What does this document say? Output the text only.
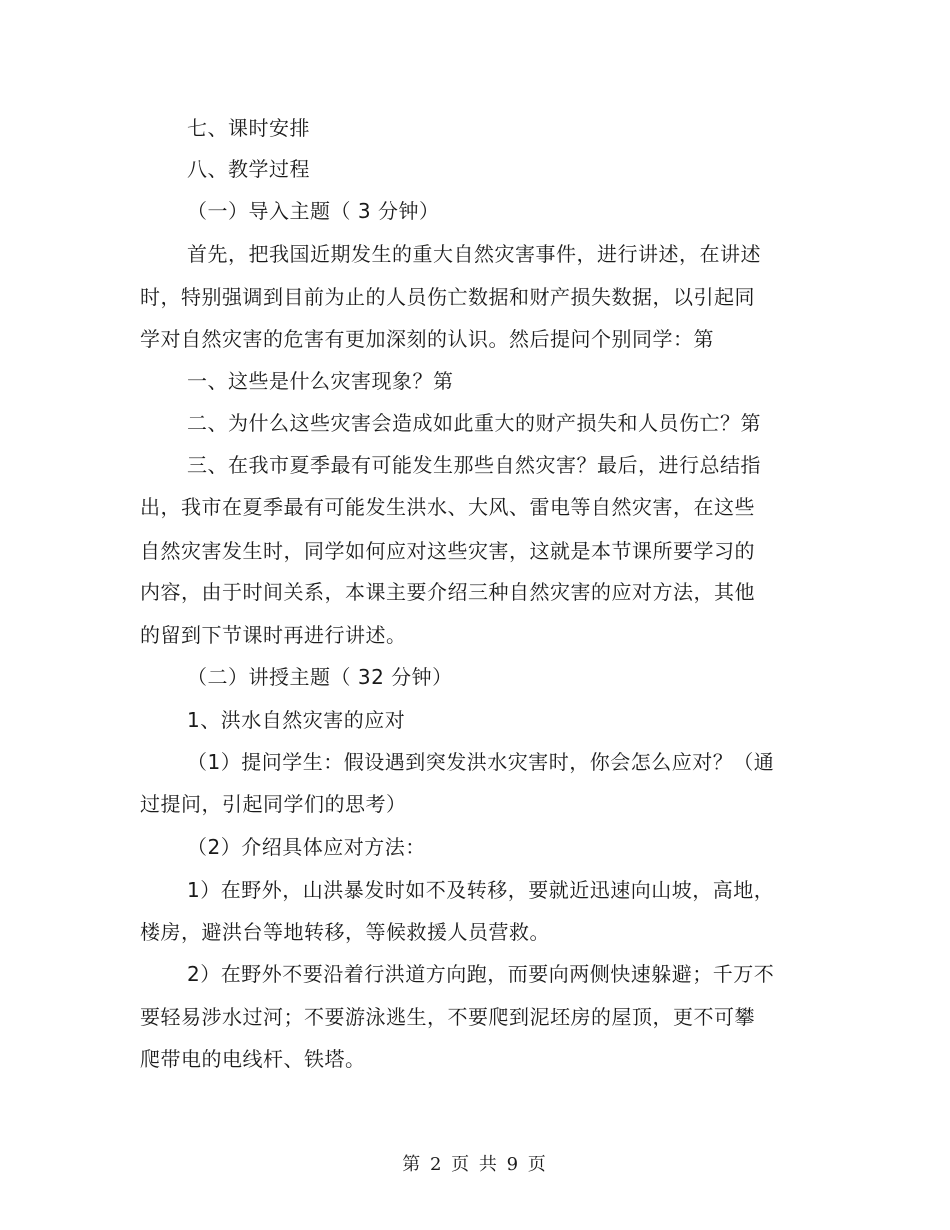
七、课时安排
八、教学过程
（一）导入主题（ 3 分钟）
首先，把我国近期发生的重大自然灾害事件，进行讲述，在讲述
时，特别强调到目前为止的人员伤亡数据和财产损失数据，以引起同
学对自然灾害的危害有更加深刻的认识。然后提问个别同学：第
一、这些是什么灾害现象？第
二、为什么这些灾害会造成如此重大的财产损失和人员伤亡？第
三、在我市夏季最有可能发生那些自然灾害？最后，进行总结指
出，我市在夏季最有可能发生洪水、大风、雷电等自然灾害，在这些
自然灾害发生时，同学如何应对这些灾害，这就是本节课所要学习的
内容，由于时间关系，本课主要介绍三种自然灾害的应对方法，其他
的留到下节课时再进行讲述。
（二）讲授主题（ 32 分钟）
1、洪水自然灾害的应对
（1）提问学生：假设遇到突发洪水灾害时，你会怎么应对？（通
过提问，引起同学们的思考）
（2）介绍具体应对方法：
1）在野外，山洪暴发时如不及转移，要就近迅速向山坡，高地，
楼房，避洪台等地转移，等候救援人员营救。
2）在野外不要沿着行洪道方向跑，而要向两侧快速躲避；千万不
要轻易涉水过河；不要游泳逃生，不要爬到泥坯房的屋顶，更不可攀
爬带电的电线杆、铁塔。
第 2 页 共 9 页
